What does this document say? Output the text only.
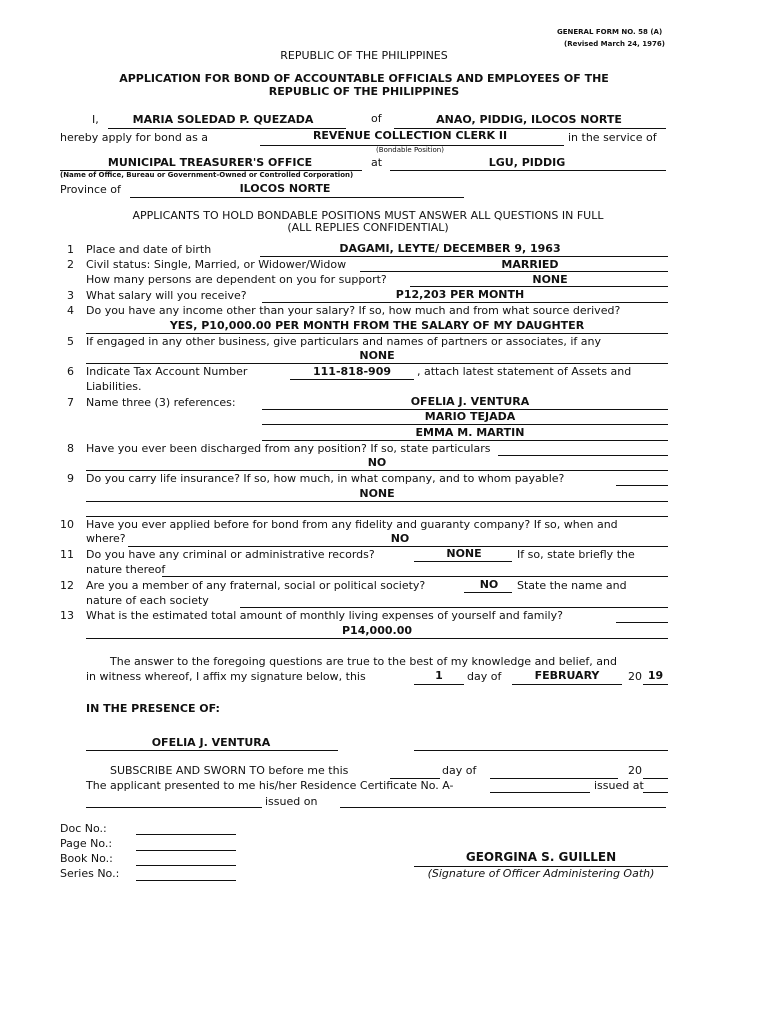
GENERAL FORM NO. 58 (A)
(Revised March 24, 1976)
REPUBLIC OF THE PHILIPPINES
APPLICATION FOR BOND OF ACCOUNTABLE OFFICIALS AND EMPLOYEES OF THE
REPUBLIC OF THE PHILIPPINES
I,	MARIA SOLEDAD P. QUEZADA	of	ANAO, PIDDIG, ILOCOS NORTE
hereby apply for bond as a	REVENUE COLLECTION CLERK II	in the service of
(Bondable Position)
MUNICIPAL TREASURER'S OFFICE	at	LGU, PIDDIG
(Name of Office, Bureau or Government-Owned or Controlled Corporation)
Province of	ILOCOS NORTE
APPLICANTS TO HOLD BONDABLE POSITIONS MUST ANSWER ALL QUESTIONS IN FULL
(ALL REPLIES CONFIDENTIAL)
1 Place and date of birth	DAGAMI, LEYTE/ DECEMBER 9, 1963
2 Civil status: Single, Married, or Widower/Widow	MARRIED
How many persons are dependent on you for support?	NONE
3 What salary will you receive?	P12,203 PER MONTH
4 Do you have any income other than your salary? If so, how much and from what source derived?
YES, P10,000.00 PER MONTH FROM THE SALARY OF MY DAUGHTER
5 If engaged in any other business, give particulars and names of partners or associates, if any
NONE
6 Indicate Tax Account Number	111-818-909	, attach latest statement of Assets and
Liabilities.
7 Name three (3) references:	OFELIA J. VENTURA
MARIO TEJADA
EMMA M. MARTIN
8 Have you ever been discharged from any position? If so, state particulars
NO
9 Do you carry life insurance? If so, how much, in what company, and to whom payable?
NONE
10 Have you ever applied before for bond from any fidelity and guaranty company? If so, when and
where?	NO
11 Do you have any criminal or administrative records?	NONE	If so, state briefly the
nature thereof
12 Are you a member of any fraternal, social or political society?	NO	State the name and
nature of each society
13 What is the estimated total amount of monthly living expenses of yourself and family?
P14,000.00
The answer to the foregoing questions are true to the best of my knowledge and belief, and
in witness whereof, I affix my signature below, this	1	day of	FEBRUARY	20 19
IN THE PRESENCE OF:
OFELIA J. VENTURA
SUBSCRIBE AND SWORN TO before me this	day of	20
The applicant presented to me his/her Residence Certificate No. A-	issued at
issued on
Doc No.:
Page No.:
Book No.:
Series No.:
GEORGINA S. GUILLEN
(Signature of Officer Administering Oath)
